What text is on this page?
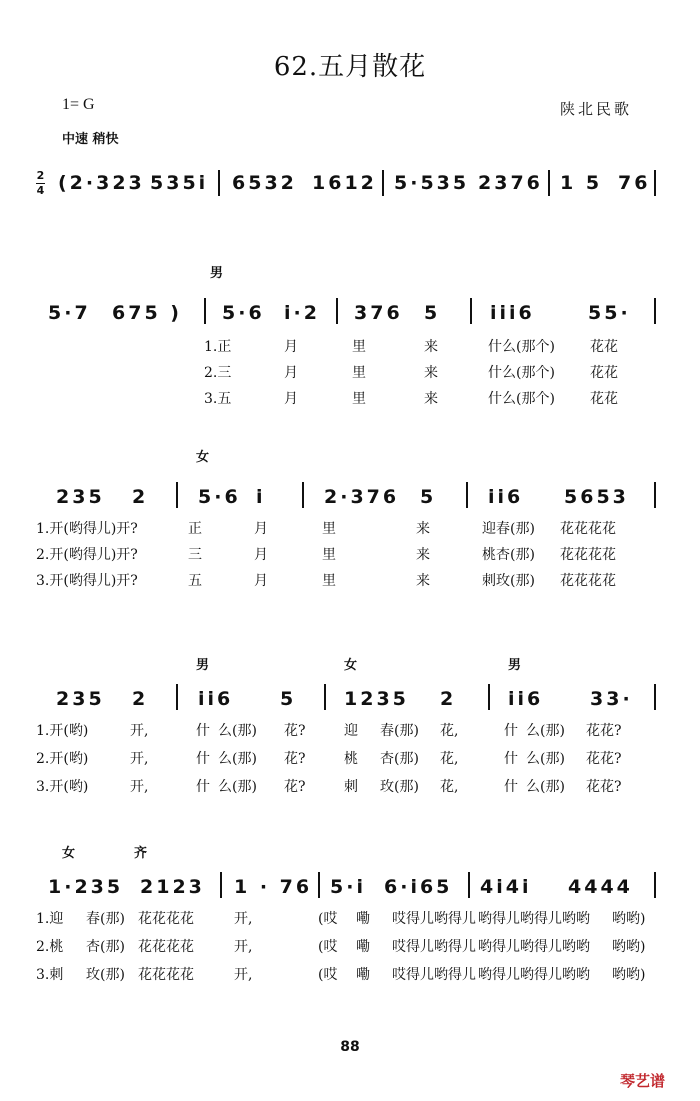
62.五月散花
1= G	陕北民歌
中速 稍快
2
4 (2·323 535i 6532 1612 5·535 2376 1 5 76
男
5·7 675 ) 5·6 i·2 376 5	iii6	55·
1.正	月	里	来	什么(那个)	花花
2.三	月	里	来	什么(那个)	花花
3.五	月	里	来	什么(那个)	花花
女
235 2	5·6 i	2·376 5	ii6 5653
1.开(哟得儿)开?	正	月	里	来	迎春(那) 花花花花
2.开(哟得儿)开?	三	月	里	来	桃杏(那) 花花花花
3.开(哟得儿)开?	五	月	里	来	刺玫(那) 花花花花
男	女	男
235 2	ii6 5	1235 2	ii6 33·
1.开(哟)	开,	什 么(那) 花?	迎 春(那) 花,	什 么(那) 花花?
2.开(哟)	开,	什 么(那) 花?	桃 杏(那) 花,	什 么(那) 花花?
3.开(哟)	开,	什 么(那) 花?	刺 玫(那) 花,	什 么(那) 花花?
女	齐
1·235 2123 1 · 76 5·i 6·i65 4i4i 4444
1.迎 春(那) 花花花花	开,	(哎 嘞 哎得儿哟得儿 哟得儿哟得儿哟哟 哟哟)
2.桃 杏(那) 花花花花	开,	(哎 嘞 哎得儿哟得儿 哟得儿哟得儿哟哟 哟哟)
3.刺 玫(那) 花花花花	开,	(哎 嘞 哎得儿哟得儿 哟得儿哟得儿哟哟 哟哟)
88
琴艺谱
